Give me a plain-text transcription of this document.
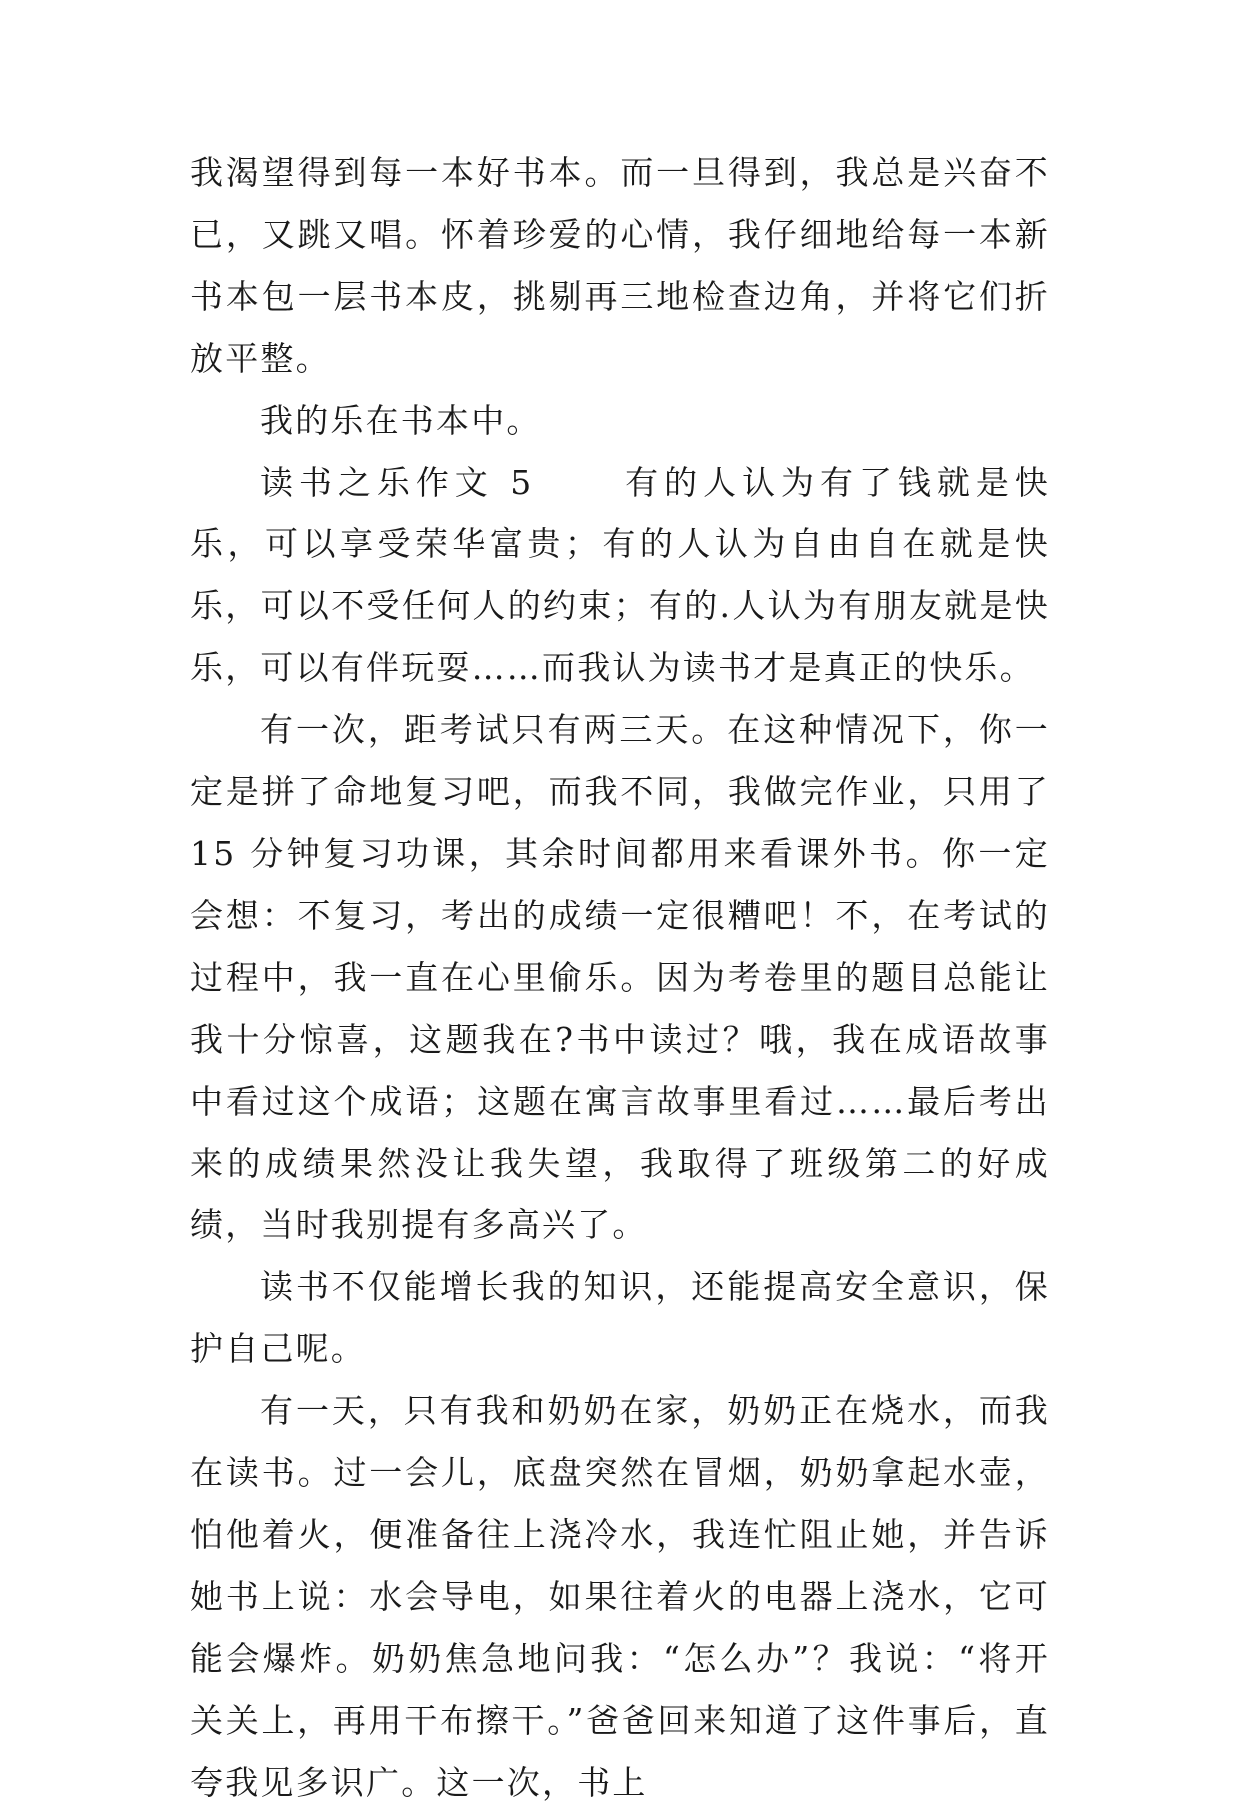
我渴望得到每一本好书本。而一旦得到，我总是兴奋不已，又跳又唱。怀着珍爱的心情，我仔细地给每一本新书本包一层书本皮，挑剔再三地检查边角，并将它们折放平整。

我的乐在书本中。

读书之乐作文 5	有的人认为有了钱就是快乐，可以享受荣华富贵；有的人认为自由自在就是快乐，可以不受任何人的约束；有的.人认为有朋友就是快乐，可以有伴玩耍……而我认为读书才是真正的快乐。

有一次，距考试只有两三天。在这种情况下，你一定是拼了命地复习吧，而我不同，我做完作业，只用了 15 分钟复习功课，其余时间都用来看课外书。你一定会想：不复习，考出的成绩一定很糟吧！不，在考试的过程中，我一直在心里偷乐。因为考卷里的题目总能让我十分惊喜，这题我在?书中读过？哦，我在成语故事中看过这个成语；这题在寓言故事里看过……最后考出来的成绩果然没让我失望，我取得了班级第二的好成绩，当时我别提有多高兴了。

读书不仅能增长我的知识，还能提高安全意识，保护自己呢。

有一天，只有我和奶奶在家，奶奶正在烧水，而我在读书。过一会儿，底盘突然在冒烟，奶奶拿起水壶，怕他着火，便准备往上浇冷水，我连忙阻止她，并告诉她书上说：水会导电，如果往着火的电器上浇水，它可能会爆炸。奶奶焦急地问我：“怎么办”？我说：“将开关关上，再用干布擦干。”爸爸回来知道了这件事后，直夸我见多识广。这一次，书上
